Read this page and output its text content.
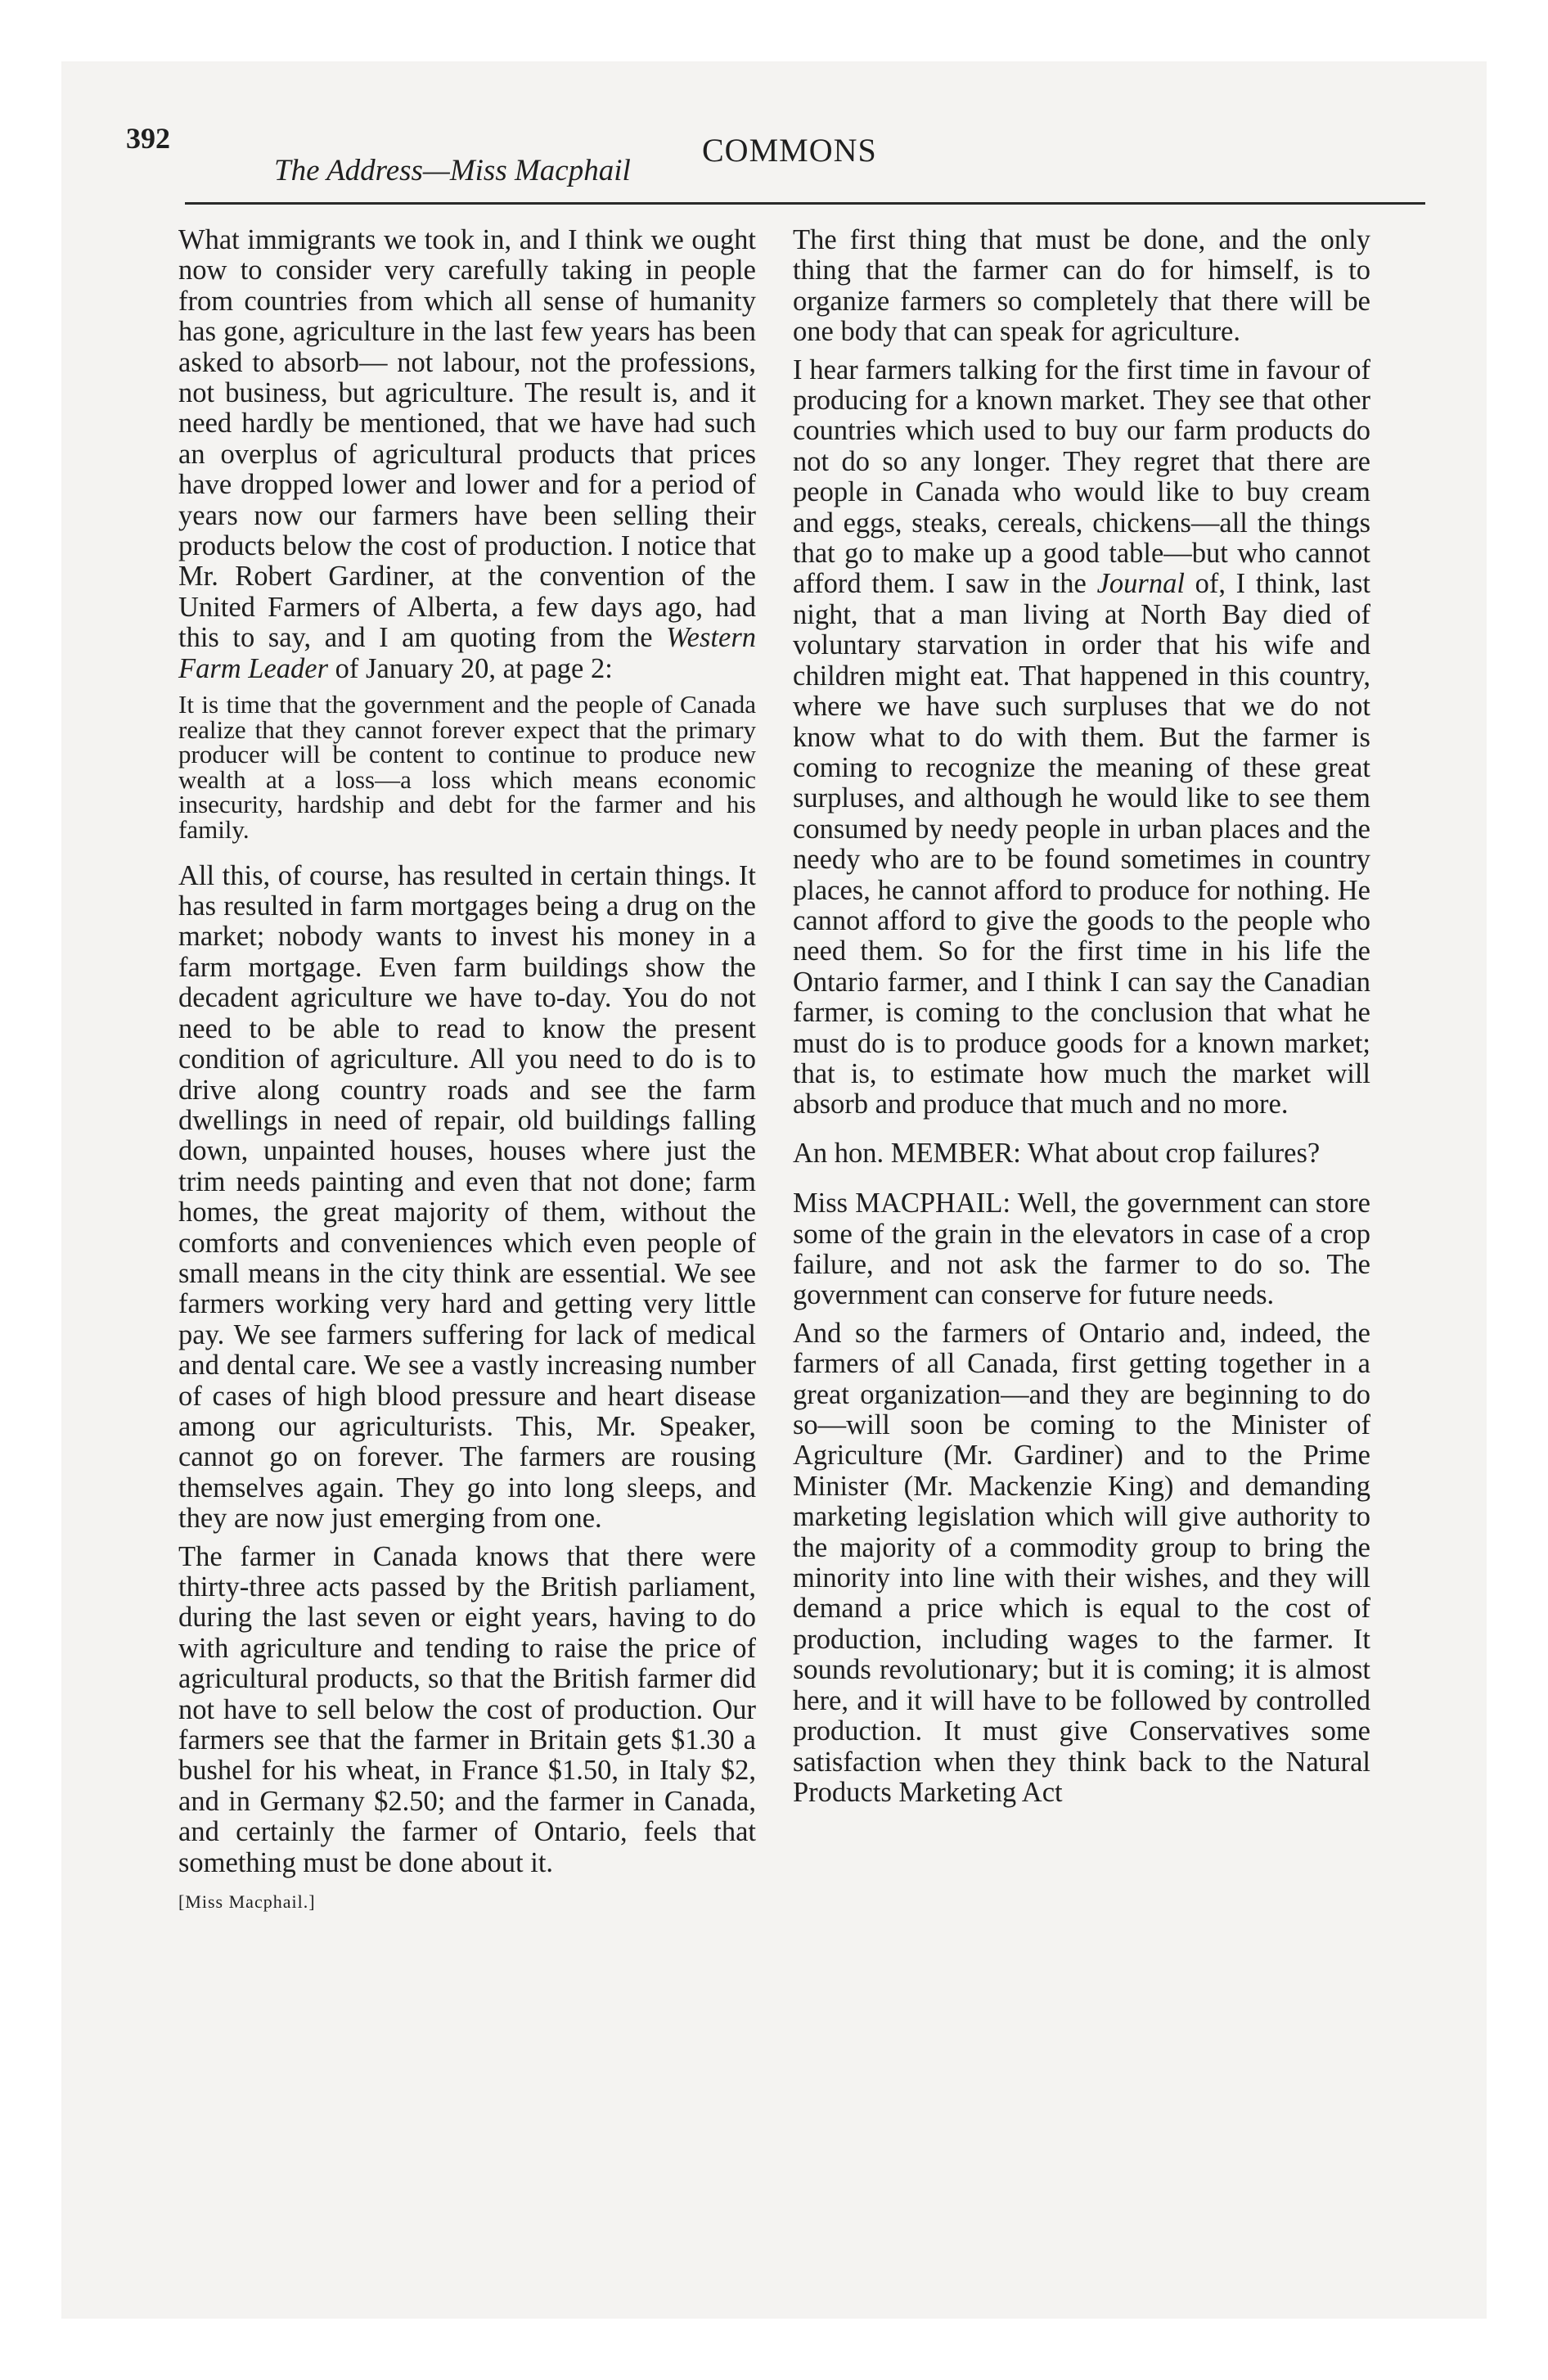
392
The Address—Miss Macphail
COMMONS

What immigrants we took in, and I think we ought now to consider very carefully taking in people from countries from which all sense of humanity has gone, agriculture in the last few years has been asked to absorb— not labour, not the professions, not business, but agriculture. The result is, and it need hardly be mentioned, that we have had such an overplus of agricultural products that prices have dropped lower and lower and for a period of years now our farmers have been selling their products below the cost of production. I notice that Mr. Robert Gardiner, at the convention of the United Farmers of Alberta, a few days ago, had this to say, and I am quoting from the Western Farm Leader of January 20, at page 2:

It is time that the government and the people of Canada realize that they cannot forever expect that the primary producer will be content to continue to produce new wealth at a loss—a loss which means economic insecurity, hardship and debt for the farmer and his family.

All this, of course, has resulted in certain things. It has resulted in farm mortgages being a drug on the market; nobody wants to invest his money in a farm mortgage. Even farm buildings show the decadent agriculture we have to-day. You do not need to be able to read to know the present condition of agriculture. All you need to do is to drive along country roads and see the farm dwellings in need of repair, old buildings falling down, unpainted houses, houses where just the trim needs painting and even that not done; farm homes, the great majority of them, without the comforts and conveniences which even people of small means in the city think are essential. We see farmers working very hard and getting very little pay. We see farmers suffering for lack of medical and dental care. We see a vastly increasing number of cases of high blood pressure and heart disease among our agriculturists. This, Mr. Speaker, cannot go on forever. The farmers are rousing themselves again. They go into long sleeps, and they are now just emerging from one.

The farmer in Canada knows that there were thirty-three acts passed by the British parliament, during the last seven or eight years, having to do with agriculture and tending to raise the price of agricultural products, so that the British farmer did not have to sell below the cost of production. Our farmers see that the farmer in Britain gets $1.30 a bushel for his wheat, in France $1.50, in Italy $2, and in Germany $2.50; and the farmer in Canada, and certainly the farmer of Ontario, feels that something must be done about it.

[Miss Macphail.]

The first thing that must be done, and the only thing that the farmer can do for himself, is to organize farmers so completely that there will be one body that can speak for agriculture.

I hear farmers talking for the first time in favour of producing for a known market. They see that other countries which used to buy our farm products do not do so any longer. They regret that there are people in Canada who would like to buy cream and eggs, steaks, cereals, chickens—all the things that go to make up a good table—but who cannot afford them. I saw in the Journal of, I think, last night, that a man living at North Bay died of voluntary starvation in order that his wife and children might eat. That happened in this country, where we have such surpluses that we do not know what to do with them. But the farmer is coming to recognize the meaning of these great surpluses, and although he would like to see them consumed by needy people in urban places and the needy who are to be found sometimes in country places, he cannot afford to produce for nothing. He cannot afford to give the goods to the people who need them. So for the first time in his life the Ontario farmer, and I think I can say the Canadian farmer, is coming to the conclusion that what he must do is to produce goods for a known market; that is, to estimate how much the market will absorb and produce that much and no more.

An hon. MEMBER: What about crop failures?

Miss MACPHAIL: Well, the government can store some of the grain in the elevators in case of a crop failure, and not ask the farmer to do so. The government can conserve for future needs.

And so the farmers of Ontario and, indeed, the farmers of all Canada, first getting together in a great organization—and they are beginning to do so—will soon be coming to the Minister of Agriculture (Mr. Gardiner) and to the Prime Minister (Mr. Mackenzie King) and demanding marketing legislation which will give authority to the majority of a commodity group to bring the minority into line with their wishes, and they will demand a price which is equal to the cost of production, including wages to the farmer. It sounds revolutionary; but it is coming; it is almost here, and it will have to be followed by controlled production. It must give Conservatives some satisfaction when they think back to the Natural Products Marketing Act
